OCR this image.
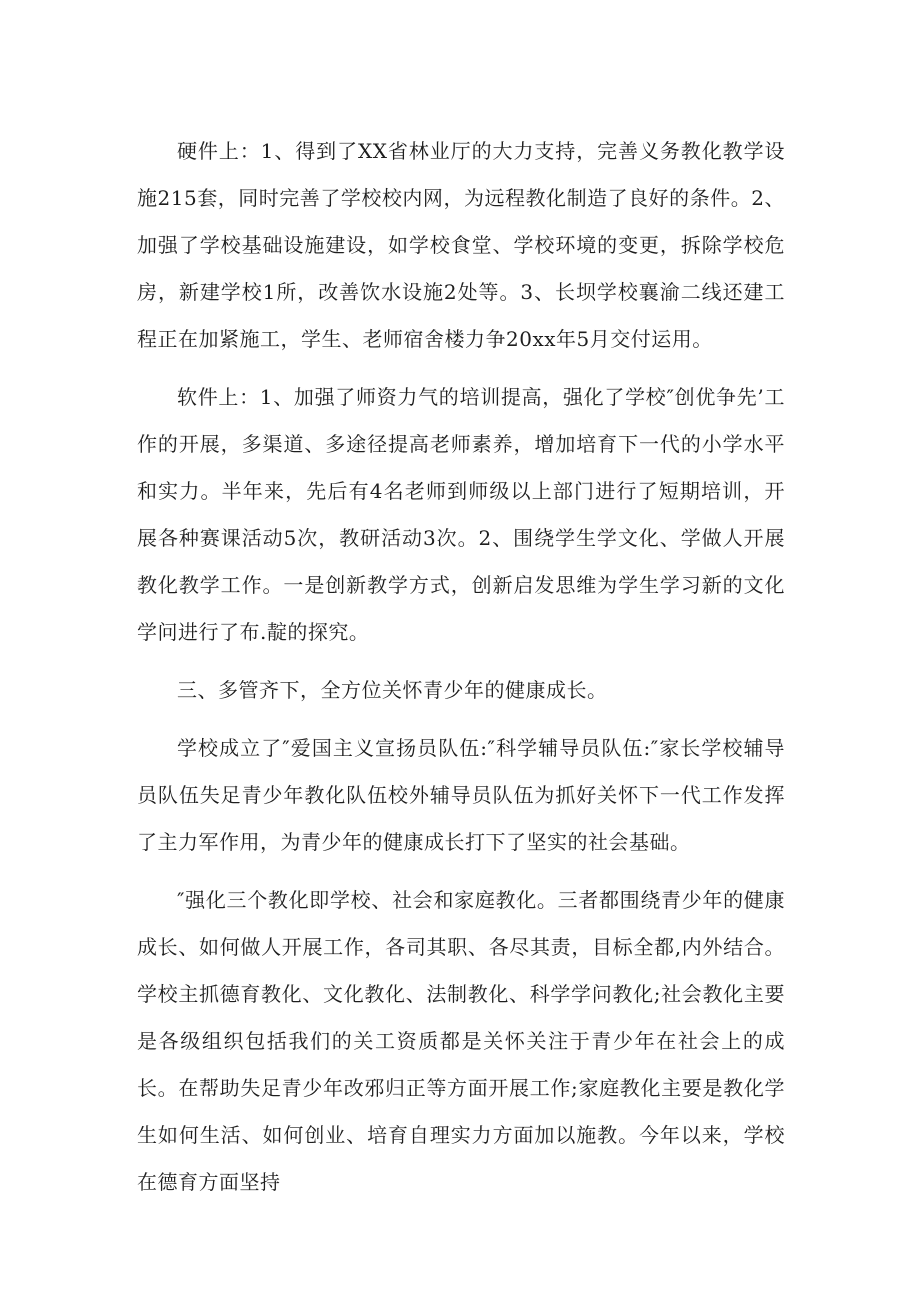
硬件上：1、得到了XX省林业厅的大力支持，完善义务教化教学设施215套，同时完善了学校校内网，为远程教化制造了良好的条件。2、加强了学校基础设施建设，如学校食堂、学校环境的变更，拆除学校危房，新建学校1所，改善饮水设施2处等。3、长坝学校襄渝二线还建工程正在加紧施工，学生、老师宿舍楼力争20xx年5月交付运用。

软件上：1、加强了师资力气的培训提高，强化了学校″创优争先’工作的开展，多渠道、多途径提高老师素养，增加培育下一代的小学水平和实力。半年来，先后有4名老师到师级以上部门进行了短期培训，开展各种赛课活动5次，教研活动3次。2、围绕学生学文化、学做人开展教化教学工作。一是创新教学方式，创新启发思维为学生学习新的文化学问进行了布.靛的探究。

三、多管齐下，全方位关怀青少年的健康成长。

学校成立了″爱国主义宣扬员队伍:″科学辅导员队伍:″家长学校辅导员队伍失足青少年教化队伍校外辅导员队伍为抓好关怀下一代工作发挥了主力军作用，为青少年的健康成长打下了坚实的社会基础。

″强化三个教化即学校、社会和家庭教化。三者都围绕青少年的健康成长、如何做人开展工作，各司其职、各尽其责，目标全都,内外结合。学校主抓德育教化、文化教化、法制教化、科学学问教化;社会教化主要是各级组织包括我们的关工资质都是关怀关注于青少年在社会上的成长。在帮助失足青少年改邪归正等方面开展工作;家庭教化主要是教化学生如何生活、如何创业、培育自理实力方面加以施教。今年以来，学校在德育方面坚持
